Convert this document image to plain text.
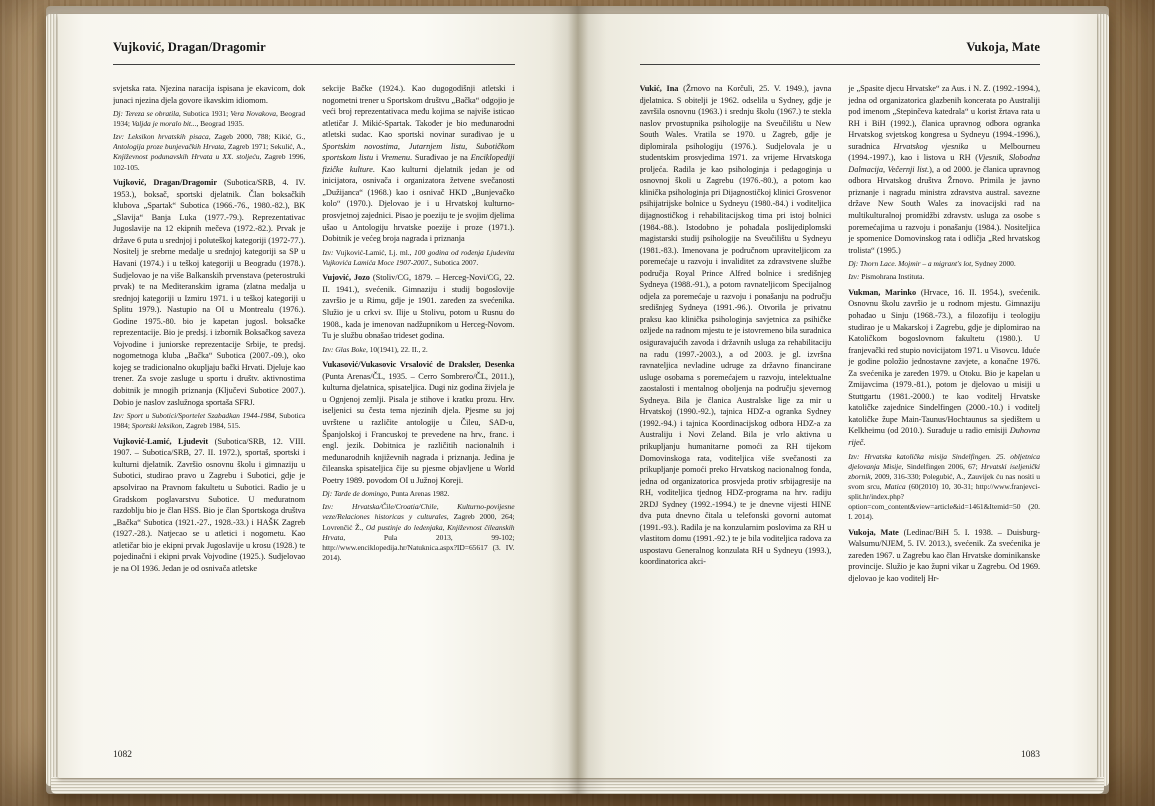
Vujković, Dragan/Dragomir

svjetska rata. Njezina naracija ispisana je ekavicom, dok junaci njezina djela govore ikavskim idiomom.

Dj: Tereza se obratila, Subotica 1931; Vera Novakova, Beograd 1934; Valjda je moralo bit..., Beograd 1935.

Izv: Leksikon hrvatskih pisaca, Zageb 2000, 788; Kikić, G., Antologija proze bunjevačkih Hrvata, Zagreb 1971; Sekulić, A., Književnost podunavskih Hrvata u XX. stoljeću, Zagreb 1996, 102-105.

Vujković, Dragan/Dragomir (Subotica/SRB, 4. IV. 1953.), boksač, sportski djelatnik. Član boksačkih klubova „Spartak“ Subotica (1966.-76., 1980.-82.), BK „Slavija“ Banja Luka (1977.-79.). Reprezentativac Jugoslavije na 12 ekipnih mečeva (1972.-82.). Prvak je države 6 puta u srednjoj i poluteškoj kategoriji (1972-77.). Nositelj je srebrne medalje u srednjoj kategoriji sa SP u Havani (1974.) i u teškoj kategoriji u Beogradu (1978.). Sudjelovao je na više Balkanskih prvenstava (peterostruki prvak) te na Mediteranskim igrama (zlatna medalja u srednjoj kategoriji u Izmiru 1971. i u teškoj kategoriji u Splitu 1979.). Nastupio na OI u Montrealu (1976.). Godine 1975.-80. bio je kapetan jugosl. boksačke reprezentacije. Bio je predsj. i izbornik Boksačkog saveza Vojvodine i juniorske reprezentacije Srbije, te predsj. nogometnoga kluba „Bačka“ Subotica (2007.-09.), oko kojeg se tradicionalno okupljaju bački Hrvati. Djeluje kao trener. Za svoje zasluge u sportu i društv. aktivnostima dobitnik je mnogih priznanja (Ključevi Subotice 2007.). Dobio je naslov zaslužnoga sportaša SFRJ.

Izv: Sport u Subotici/Sportelet Szabadkan 1944-1984, Subotica 1984; Sportski leksikon, Zagreb 1984, 515.

Vujković-Lamić, Ljudevit (Subotica/SRB, 12. VIII. 1907. – Subotica/SRB, 27. II. 1972.), sportaš, sportski i kulturni djelatnik. Završio osnovnu školu i gimnaziju u Subotici, studirao pravo u Zagrebu i Subotici, gdje je apsolvirao na Pravnom fakultetu u Subotici. Radio je u Gradskom poglavarstvu Subotice. U međuratnom razdoblju bio je član HSS. Bio je član Sportskoga društva „Bačka“ Subotica (1921.-27., 1928.-33.) i HAŠK Zagreb (1927.-28.). Natjecao se u atletici i nogometu. Kao atletičar bio je ekipni prvak Jugoslavije u krosu (1928.) te pojedinačni i ekipni prvak Vojvodine (1925.). Sudjelovao je na OI 1936. Jedan je od osnivača atletske

sekcije Bačke (1924.). Kao dugogodišnji atletski i nogometni trener u Sportskom društvu „Bačka“ odgojio je veći broj reprezentativaca među kojima se najviše isticao atletičar J. Mikić-Spartak. Također je bio međunarodni atletski sudac. Kao sportski novinar surađivao je u Sportskim novostima, Jutarnjem listu, Subotičkom sportskom listu i Vremenu. Surađivao je na Enciklopediji fizičke kulture. Kao kulturni djelatnik jedan je od inicijatora, osnivača i organizatora žetvene svečanosti „Dužijanca“ (1968.) kao i osnivač HKD „Bunjevačko kolo“ (1970.). Djelovao je i u Hrvatskoj kulturno-prosvjetnoj zajednici. Pisao je poeziju te je svojim djelima ušao u Antologiju hrvatske poezije i proze (1971.). Dobitnik je većeg broja nagrada i priznanja

Izv: Vujković-Lamić, Lj. ml., 100 godina od rođenja Ljudevita Vujkovića Lamića Moce 1907-2007., Subotica 2007.

Vujović, Jozo (Stoliv/CG, 1879. – Herceg-Novi/CG, 22. II. 1941.), svećenik. Gimnaziju i studij bogoslovije završio je u Rimu, gdje je 1901. zaređen za svećenika. Služio je u crkvi sv. Ilije u Stolivu, potom u Rusnu do 1908., kada je imenovan nadžupnikom u Herceg-Novom. Tu je službu obnašao trideset godina.

Izv: Glas Boke, 10(1941), 22. II., 2.

Vukasović/Vukasovic Vrsalović de Draksler, Desenka (Punta Arenas/ČL, 1935. – Cerro Sombrero/ČL, 2011.), kulturna djelatnica, spisateljica. Dugi niz godina živjela je u Ognjenoj zemlji. Pisala je stihove i kratku prozu. Hrv. iseljenici su česta tema njezinih djela. Pjesme su joj uvrštene u različite antologije u Čileu, SAD-u, Španjolskoj i Francuskoj te prevedene na hrv., franc. i engl. jezik. Dobitnica je različitih nacionalnih i međunarodnih književnih nagrada i priznanja. Jedina je čileanska spisateljica čije su pjesme objavljene u World Poetry 1989. povodom OI u Južnoj Koreji.

Dj: Tarde de domingo, Punta Arenas 1982.

Izv: Hrvatska/Čile/Croatia/Chile, Kulturno-povijesne veze/Relaciones historicas y culturales, Zagreb 2000, 264; Lovrenčić Ž., Od pustinje do ledenjaka, Književnost čileanskih Hrvata, Pula 2013, 99-102; http://www.enciklopedija.hr/Natuknica.aspx?ID=65617 (3. IV. 2014).

1082
Vukoja, Mate

Vukić, Ina (Žrnovo na Korčuli, 25. V. 1949.), javna djelatnica. S obitelji je 1962. odselila u Sydney, gdje je završila osnovnu (1963.) i srednju školu (1967.) te stekla naslov prvostupnika psihologije na Sveučilištu u New South Wales. Vratila se 1970. u Zagreb, gdje je diplomirala psihologiju (1976.). Sudjelovala je u studentskim prosvjedima 1971. za vrijeme Hrvatskoga proljeća. Radila je kao psihologinja i pedagoginja u osnovnoj školi u Zagrebu (1976.-80.), a potom kao klinička psihologinja pri Dijagnostičkoj klinici Grosvenor psihijatrijske bolnice u Sydneyu (1980.-84.) i voditeljica dijagnostičkog i rehabilitacijskog tima pri istoj bolnici (1984.-88.). Istodobno je pohađala poslijediplomski magistarski studij psihologije na Sveučilištu u Sydneyu (1981.-83.). Imenovana je područnom upraviteljicom za poremećaje u razvoju i invaliditet za zdravstvene službe područja Royal Prince Alfred bolnice i središnjeg Sydneya (1988.-91.), a potom ravnateljicom Specijalnog odjela za poremećaje u razvoju i ponašanju na području središnjeg Sydneya (1991.-96.). Otvorila je privatnu praksu kao klinička psihologinja savjetnica za psihičke ozljede na radnom mjestu te je istovremeno bila suradnica osiguravajućih zavoda i državnih usluga za rehabilitaciju na radu (1997.-2003.), a od 2003. je gl. izvršna ravnateljica nevladine udruge za državno financirane usluge osobama s poremećajem u razvoju, intelektualne zaostalosti i mentalnog oboljenja na području sjevernog Sydneya. Bila je članica Australske lige za mir u Hrvatskoj (1990.-92.), tajnica HDZ-a ogranka Sydney (1992.-94.) i tajnica Koordinacijskog odbora HDZ-a za Australiju i Novi Zeland. Bila je vrlo aktivna u prikupljanju humanitarne pomoći za RH tijekom Domovinskoga rata, voditeljica više svečanosti za prikupljanje pomoći preko Hrvatskog nacionalnog fonda, jedna od organizatorica prosvjeda protiv srbijagresije na RH, voditeljica tjednog HDZ-programa na hrv. radiju 2RDJ Sydney (1992.-1994.) te je dnevne vijesti HINE dva puta dnevno čitala u telefonski govorni automat (1991.-93.). Radila je na konzularnim poslovima za RH u vlastitom domu (1991.-92.) te je bila voditeljica radova za uspostavu Generalnog konzulata RH u Sydneyu (1993.), koordinatorica akci-

je „Spasite djecu Hrvatske“ za Aus. i N. Z. (1992.-1994.), jedna od organizatorica glazbenih koncerata po Australiji pod imenom „Stepinčeva katedrala“ u korist žrtava rata u RH i BiH (1992.), članica upravnog odbora ogranka Hrvatskog svjetskog kongresa u Sydneyu (1994.-1996.), suradnica Hrvatskog vjesnika u Melbourneu (1994.-1997.), kao i listova u RH (Vjesnik, Slobodna Dalmacija, Večernji list.), a od 2000. je članica upravnog odbora Hrvatskog društva Žrnovo. Primila je javno priznanje i nagradu ministra zdravstva austral. savezne države New South Wales za inovacijski rad na multikulturalnoj promidžbi zdravstv. usluga za osobe s poremećajima u razvoju i ponašanju (1984.). Nositeljica je spomenice Domovinskog rata i odličja „Red hrvatskog trolista“ (1995.)

Dj: Thorn Lace. Mojmir – a migrant's lot, Sydney 2000.

Izv: Pismohrana Instituta.

Vukman, Marinko (Hrvace, 16. II. 1954.), svećenik. Osnovnu školu završio je u rodnom mjestu. Gimnaziju pohađao u Sinju (1968.-73.), a filozofiju i teologiju studirao je u Makarskoj i Zagrebu, gdje je diplomirao na Katoličkom bogoslovnom fakultetu (1980.). U franjevački red stupio novicijatom 1971. u Visovcu. Iduće je godine položio jednostavne zavjete, a konačne 1976. Za svećenika je zaređen 1979. u Otoku. Bio je kapelan u Zmijavcima (1979.-81.), potom je djelovao u misiji u Stuttgartu (1981.-2000.) te kao voditelj Hrvatske katoličke zajednice Sindelfingen (2000.-10.) i voditelj katoličke župe Main-Taunus/Hochtaunus sa sjedištem u Kelkheimu (od 2010.). Surađuje u radio emisiji Duhovna riječ.

Izv: Hrvatska katolička misija Sindelfingen. 25. obljetnica djelovanja Misije, Sindelfingen 2006, 67; Hrvatski iseljenički zbornik, 2009, 316-330; Polegubić, A., Zauvijek ću nas nositi u svom srcu, Matica (60(2010) 10, 30-31; http://www.franjevci-split.hr/index.php?option=com_content&view=article&id=1461&Itemid=50 (20. I. 2014).

Vukoja, Mate (Ledinac/BiH 5. I. 1938. – Duisburg-Walsumu/NJEM, 5. IV. 2013.), svećenik. Za svećenika je zaređen 1967. u Zagrebu kao član Hrvatske dominikanske provincije. Služio je kao župni vikar u Zagrebu. Od 1969. djelovao je kao voditelj Hr-

1083
